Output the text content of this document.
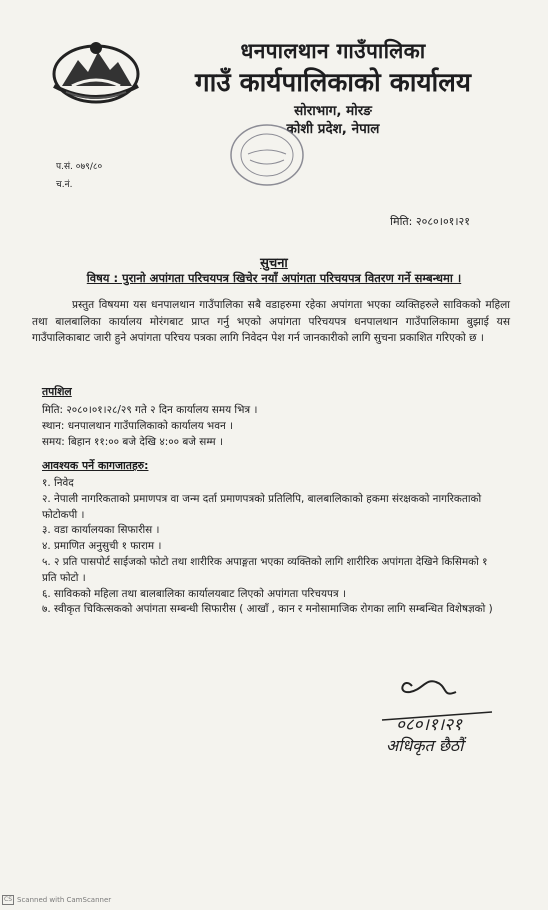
धनपालथान गाउँपालिका
गाउँ कार्यपालिकाको कार्यालय
सोराभाग, मोरङ
कोशी प्रदेश, नेपाल
प.सं. ०७९/८०
च.नं.
मिति: २०८०।०१।२१
सुचना
विषय : पुरानो अपांगता परिचयपत्र खिचेर नयाँ अपांगता परिचयपत्र वितरण गर्ने सम्बन्धमा ।
प्रस्तुत विषयमा यस धनपालथान गाउँपालिका सबै वडाहरुमा रहेका अपांगता भएका व्यक्तिहरुले साविकको महिला तथा बालबालिका कार्यालय मोरंगबाट प्राप्त गर्नु भएको अपांगता परिचयपत्र धनपालथान गाउँपालिकामा बुझाई यस गाउँपालिकाबाट जारी हुने अपांगता परिचय पत्रका लागि निवेदन पेश गर्न जानकारीको लागि सुचना प्रकाशित गरिएको छ ।
तपशिल
मिति: २०८०।०१।२८/२९ गते २ दिन कार्यालय समय भित्र ।
स्थान: धनपालथान गाउँपालिकाको कार्यालय भवन ।
समय: बिहान ११:०० बजे देखि ४:०० बजे सम्म ।
आवश्यक पर्ने कागजातहरु:
१. निवेद
२. नेपाली नागरिकताको प्रमाणपत्र वा जन्म दर्ता प्रमाणपत्रको प्रतिलिपि, बालबालिकाको हकमा संरक्षकको नागरिकताको फोटोकपी ।
३. वडा कार्यालयका सिफारीस ।
४. प्रमाणित अनुसुची १ फाराम ।
५. २ प्रति पासपोर्ट साईजको फोटो तथा शारीरिक अपाङ्गता भएका व्यक्तिको लागि शारीरिक अपांगता देखिने किसिमको १ प्रति फोटो ।
६. साविकको महिला तथा बालबालिका कार्यालयबाट लिएको अपांगता परिचयपत्र ।
७. स्वीकृत चिकित्सकको अपांगता सम्बन्धी सिफारीस ( आखाँ , कान र मनोसामाजिक रोगका लागि सम्बन्धित विशेषज्ञको )
०८०।१।२१
अधिकृत छैठौं
CS Scanned with CamScanner
